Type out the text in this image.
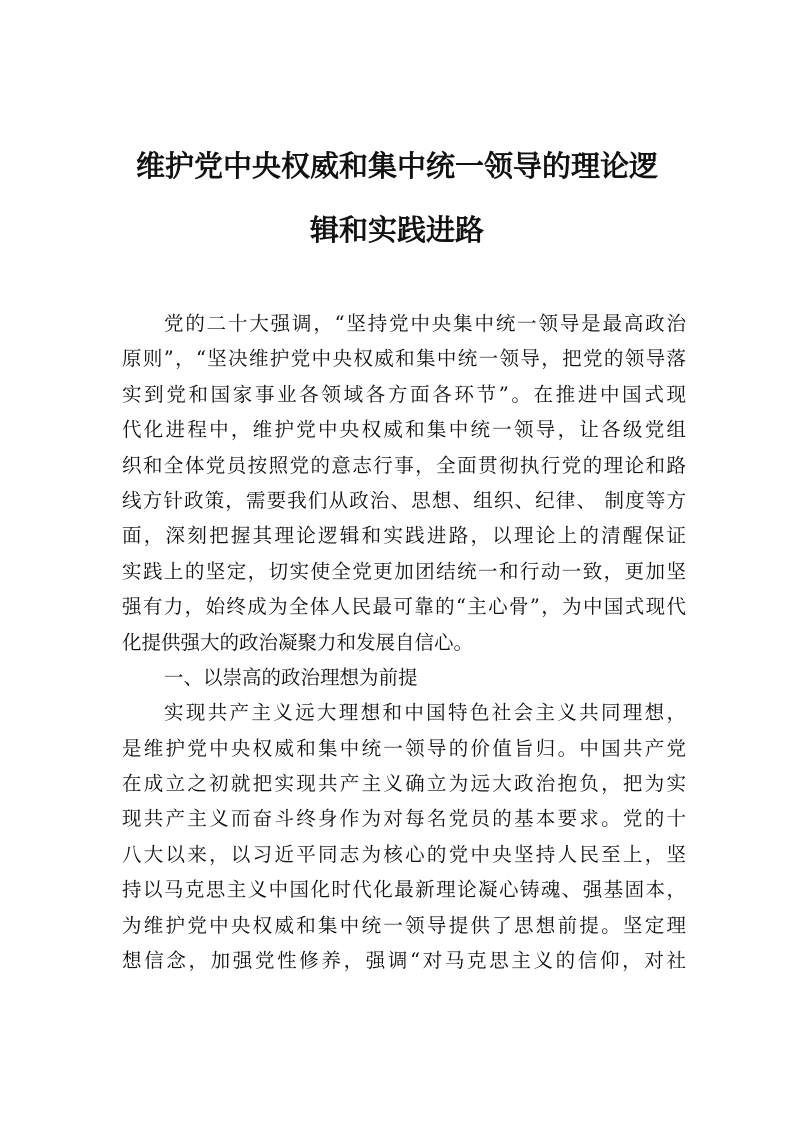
维护党中央权威和集中统一领导的理论逻
辑和实践进路
党的二十大强调，“坚持党中央集中统一领导是最高政治
原则”，“坚决维护党中央权威和集中统一领导，把党的领导落
实到党和国家事业各领域各方面各环节”。在推进中国式现
代化进程中，维护党中央权威和集中统一领导，让各级党组
织和全体党员按照党的意志行事，全面贯彻执行党的理论和路
线方针政策，需要我们从政治、思想、组织、纪律、 制度等方
面，深刻把握其理论逻辑和实践进路，以理论上的清醒保证
实践上的坚定，切实使全党更加团结统一和行动一致，更加坚
强有力，始终成为全体人民最可靠的“主心骨”，为中国式现代
化提供强大的政治凝聚力和发展自信心。
一、以崇高的政治理想为前提
实现共产主义远大理想和中国特色社会主义共同理想，
是维护党中央权威和集中统一领导的价值旨归。中国共产党
在成立之初就把实现共产主义确立为远大政治抱负，把为实
现共产主义而奋斗终身作为对每名党员的基本要求。党的十
八大以来，以习近平同志为核心的党中央坚持人民至上，坚
持以马克思主义中国化时代化最新理论凝心铸魂、强基固本，
为维护党中央权威和集中统一领导提供了思想前提。坚定理
想信念，加强党性修养，强调“对马克思主义的信仰，对社
